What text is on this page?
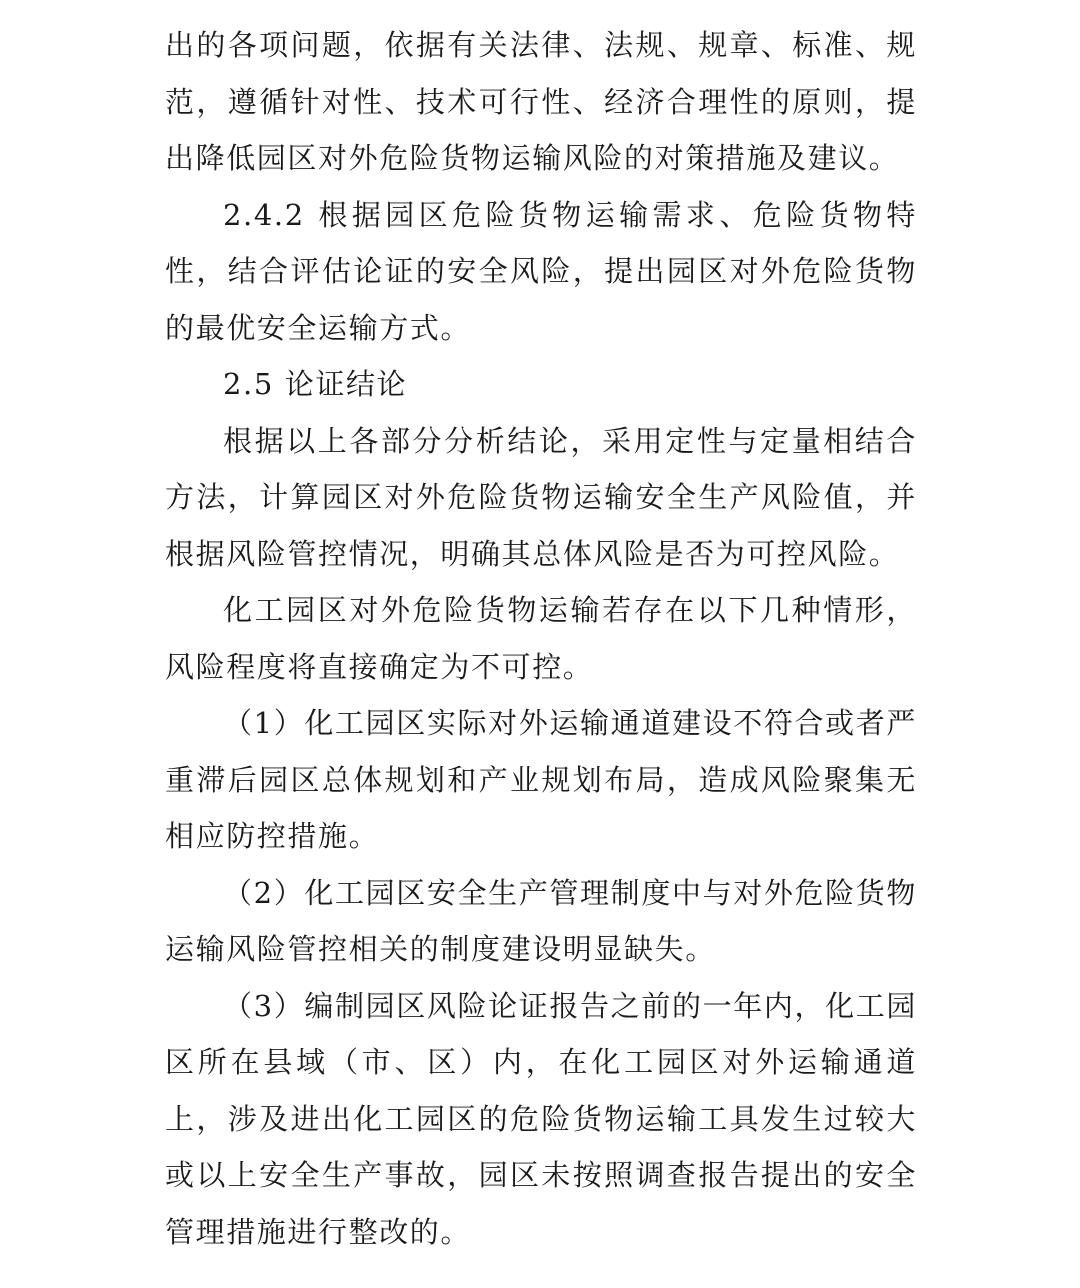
出的各项问题，依据有关法律、法规、规章、标准、规范，遵循针对性、技术可行性、经济合理性的原则，提出降低园区对外危险货物运输风险的对策措施及建议。

2.4.2 根据园区危险货物运输需求、危险货物特性，结合评估论证的安全风险，提出园区对外危险货物的最优安全运输方式。

2.5 论证结论

根据以上各部分分析结论，采用定性与定量相结合方法，计算园区对外危险货物运输安全生产风险值，并根据风险管控情况，明确其总体风险是否为可控风险。

化工园区对外危险货物运输若存在以下几种情形，风险程度将直接确定为不可控。

（1）化工园区实际对外运输通道建设不符合或者严重滞后园区总体规划和产业规划布局，造成风险聚集无相应防控措施。

（2）化工园区安全生产管理制度中与对外危险货物运输风险管控相关的制度建设明显缺失。

（3）编制园区风险论证报告之前的一年内，化工园区所在县域（市、区）内，在化工园区对外运输通道上，涉及进出化工园区的危险货物运输工具发生过较大或以上安全生产事故，园区未按照调查报告提出的安全管理措施进行整改的。
